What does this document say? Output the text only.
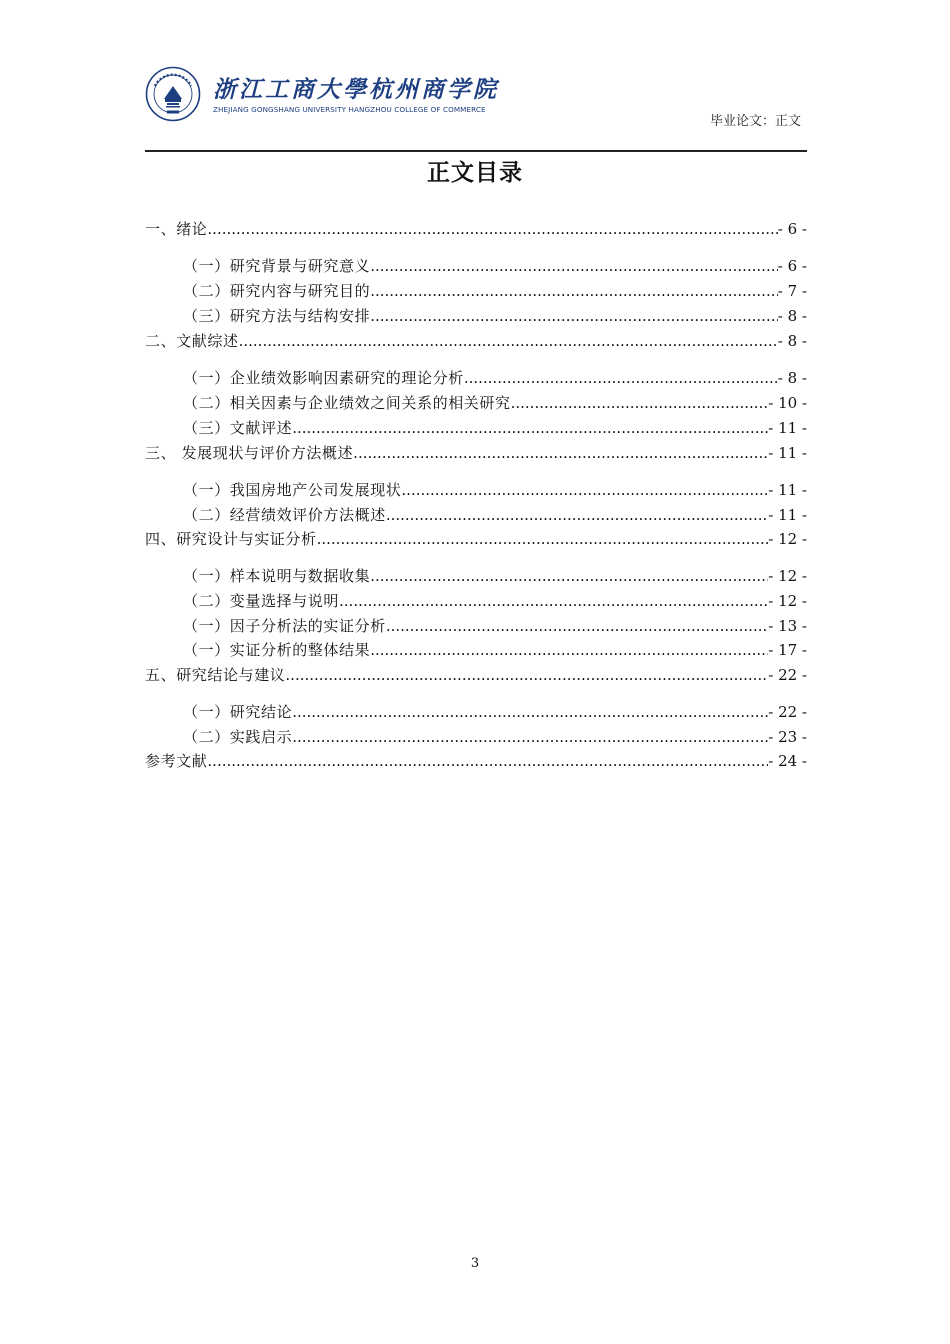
浙江工商大學杭州商学院
ZHEJIANG GONGSHANG UNIVERSITY HANGZHOU COLLEGE OF COMMERCE
毕业论文：正文
正文目录
一、绪论 .....	- 6 -
（一）研究背景与研究意义 .....	- 6 -
（二）研究内容与研究目的 .....	- 7 -
（三）研究方法与结构安排 .....	- 8 -
二、文献综述 .....	- 8 -
（一）企业绩效影响因素研究的理论分析 .....	- 8 -
（二）相关因素与企业绩效之间关系的相关研究 .....	- 10 -
（三）文献评述 .....	- 11 -
三、 发展现状与评价方法概述 .....	- 11 -
（一）我国房地产公司发展现状 .....	- 11 -
（二）经营绩效评价方法概述 .....	- 11 -
四、研究设计与实证分析 .....	- 12 -
（一）样本说明与数据收集 .....	- 12 -
（二）变量选择与说明 .....	- 12 -
（一）因子分析法的实证分析 .....	- 13 -
（一）实证分析的整体结果 .....	- 17 -
五、研究结论与建议 .....	- 22 -
（一）研究结论 .....	- 22 -
（二）实践启示 .....	- 23 -
参考文献 .....	- 24 -
3
